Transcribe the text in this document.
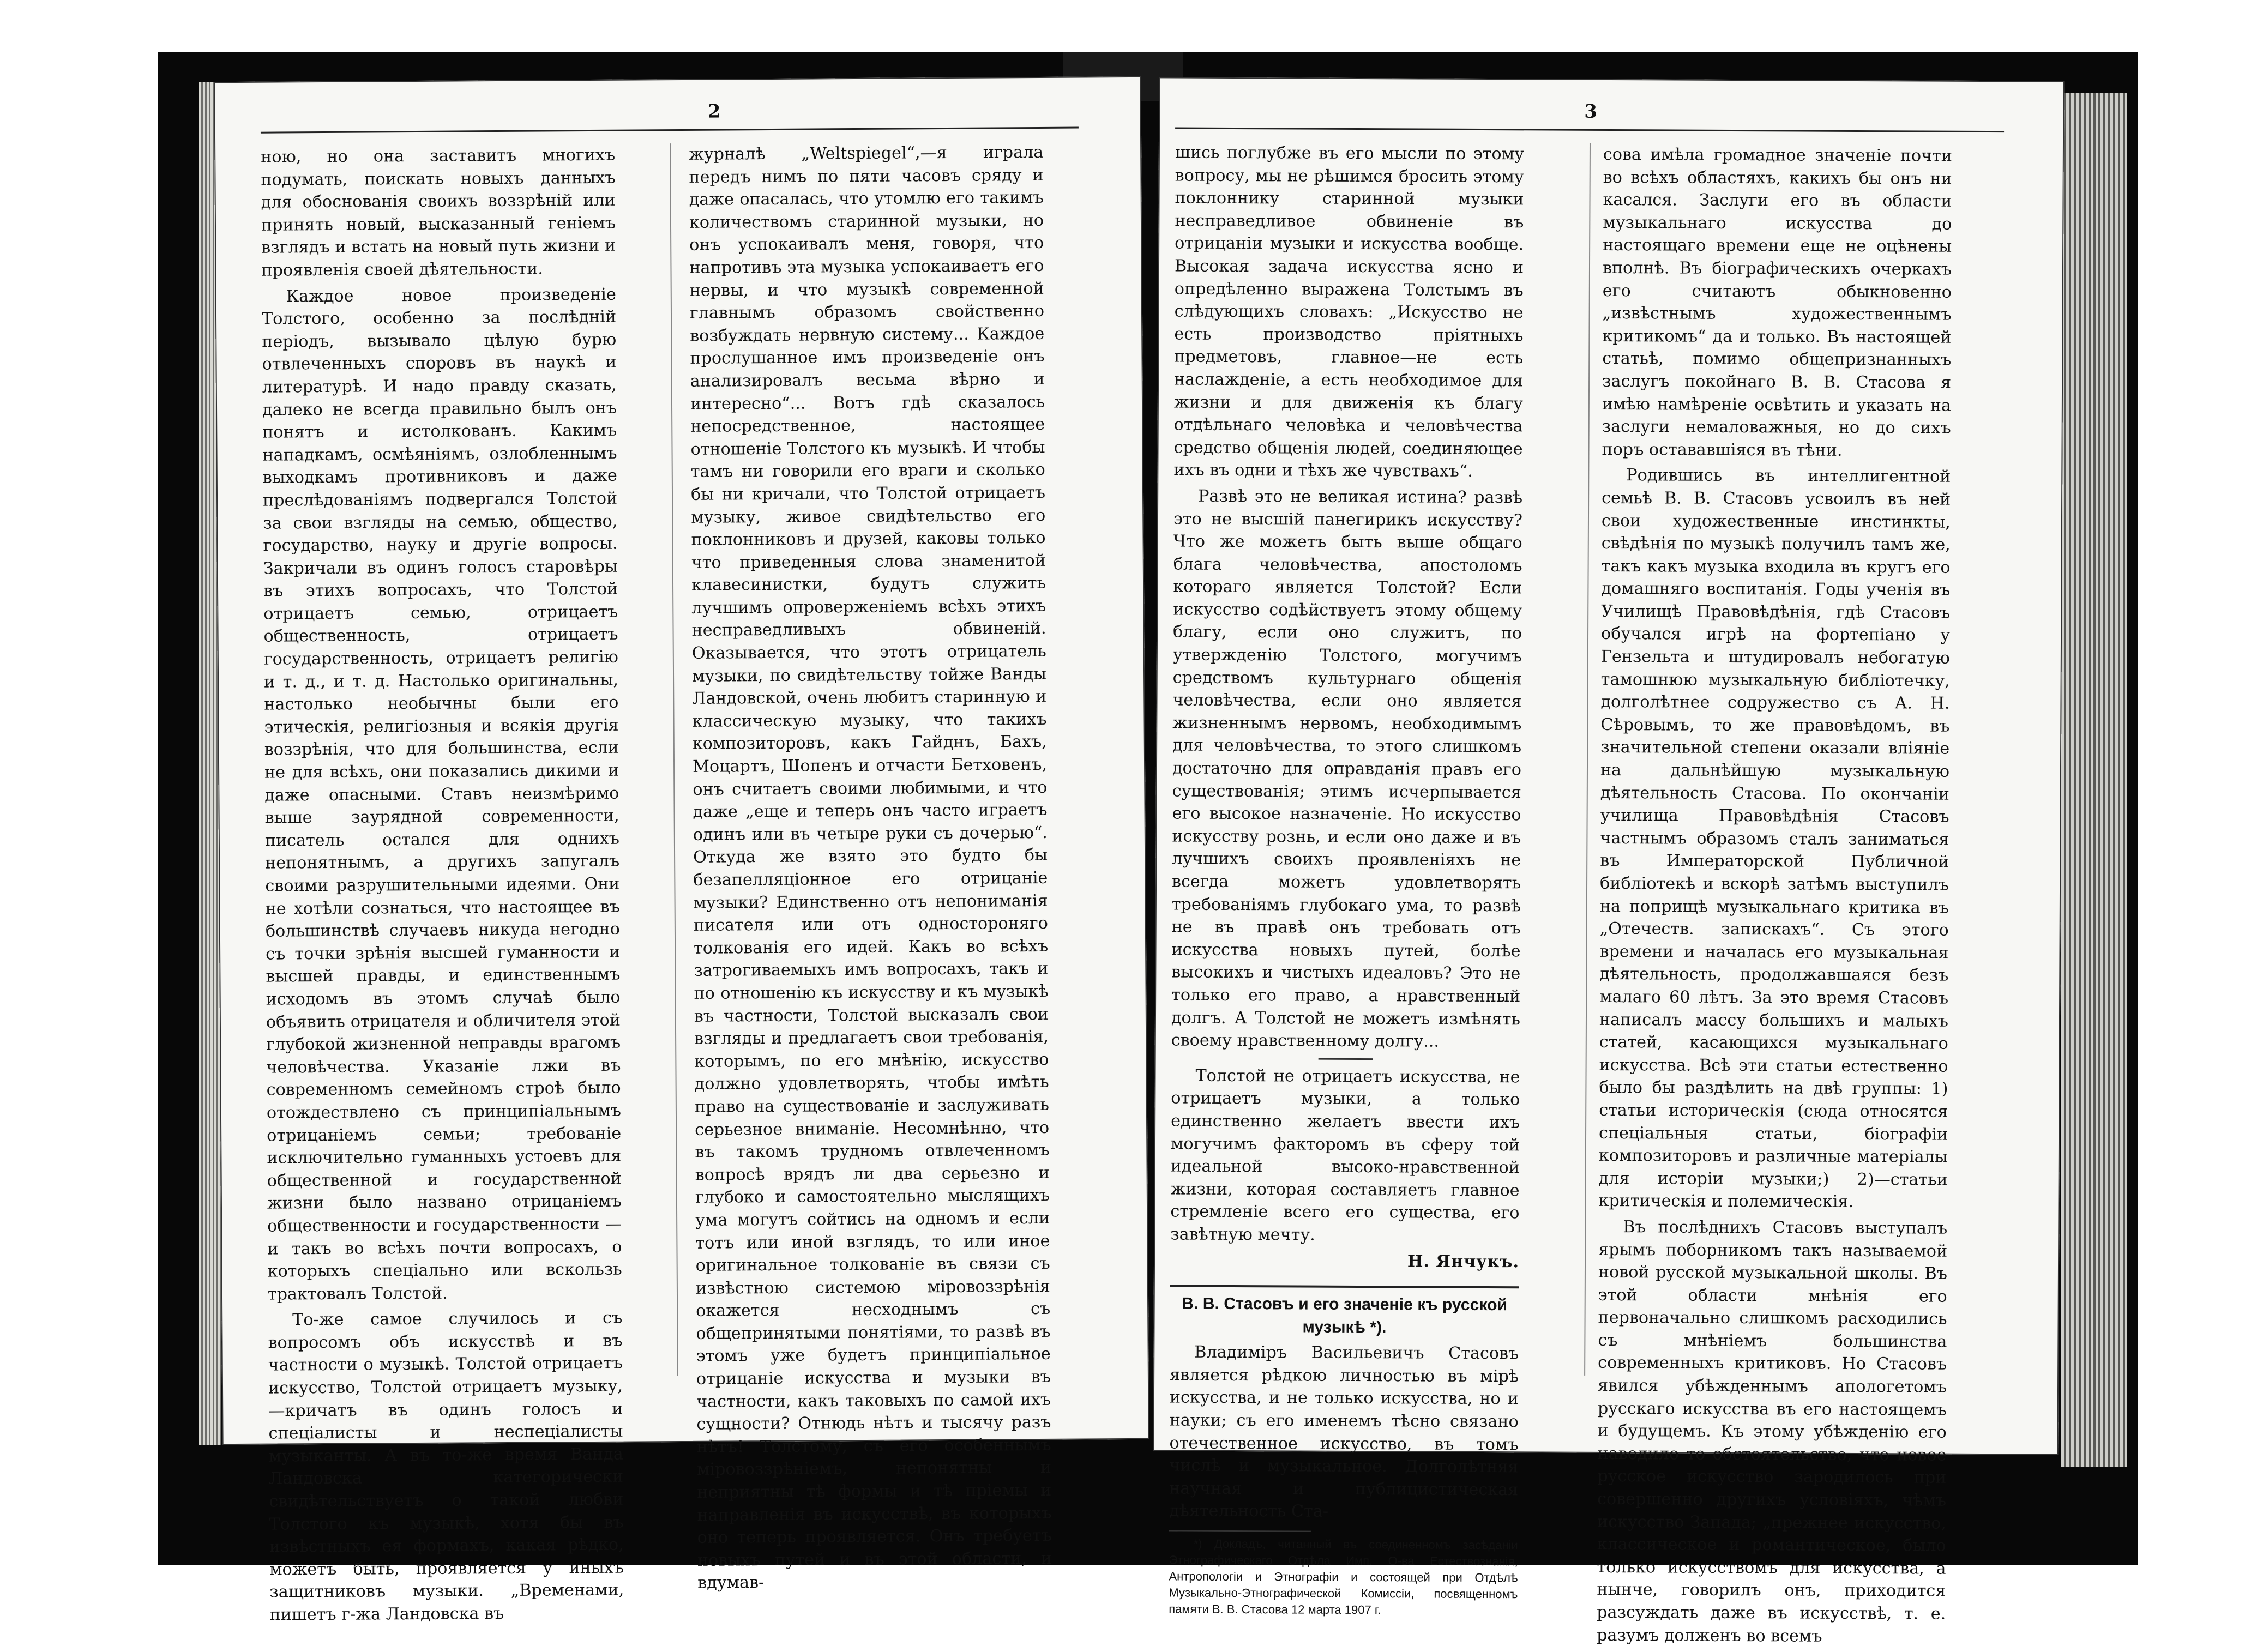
2

ною, но она заставитъ многихъ подумать, поискать новыхъ данныхъ для обоснованія своихъ воззрѣній или принять новый, высказанный геніемъ взглядъ и встать на новый путь жизни и проявленія своей дѣятельности.

Каждое новое произведеніе Толстого, особенно за послѣдній періодъ, вызывало цѣлую бурю отвлеченныхъ споровъ въ наукѣ и литературѣ. И надо правду сказать, далеко не всегда правильно былъ онъ понятъ и истолкованъ. Какимъ нападкамъ, осмѣяніямъ, озлобленнымъ выходкамъ противниковъ и даже преслѣдованіямъ подвергался Толстой за свои взгляды на семью, общество, государство, науку и другіе вопросы. Закричали въ одинъ голосъ старовѣры въ этихъ вопросахъ, что Толстой отрицаетъ семью, отрицаетъ общественность, отрицаетъ государственность, отрицаетъ религію и т. д., и т. д. Настолько оригинальны, настолько необычны были его этическія, религіозныя и всякія другія воззрѣнія, что для большинства, если не для всѣхъ, они показались дикими и даже опасными. Ставъ неизмѣримо выше заурядной современности, писатель остался для однихъ непонятнымъ, а другихъ запугалъ своими разрушительными идеями. Они не хотѣли сознаться, что настоящее въ большинствѣ случаевъ никуда негодно съ точки зрѣнія высшей гуманности и высшей правды, и единственнымъ исходомъ въ этомъ случаѣ было объявить отрицателя и обличителя этой глубокой жизненной неправды врагомъ человѣчества. Указаніе лжи въ современномъ семейномъ строѣ было отождествлено съ принципіальнымъ отрицаніемъ семьи; требованіе исключительно гуманныхъ устоевъ для общественной и государственной жизни было названо отрицаніемъ общественности и государственности —и такъ во всѣхъ почти вопросахъ, о которыхъ спеціально или вскользь трактовалъ Толстой.

То-же самое случилось и съ вопросомъ объ искусствѣ и въ частности о музыкѣ. Толстой отрицаетъ искусство, Толстой отрицаетъ музыку,—кричатъ въ одинъ голосъ и спеціалисты и неспеціалисты музыканты. А въ то-же время Ванда Ландовска категорически свидѣтельствуетъ о такой любви Толстого къ музыкѣ, хотя бы въ извѣстныхъ ея формахъ, какая рѣдко, можетъ быть, проявляется у иныхъ защитниковъ музыки. „Временами, пишетъ г-жа Ландовска въ

журналѣ „Weltspiegel“,—я играла передъ нимъ по пяти часовъ сряду и даже опасалась, что утомлю его такимъ количествомъ старинной музыки, но онъ успокаивалъ меня, говоря, что напротивъ эта музыка успокаиваетъ его нервы, и что музыкѣ современной главнымъ образомъ свойственно возбуждать нервную систему... Каждое прослушанное имъ произведеніе онъ анализировалъ весьма вѣрно и интересно“... Вотъ гдѣ сказалось непосредственное, настоящее отношеніе Толстого къ музыкѣ. И чтобы тамъ ни говорили его враги и сколько бы ни кричали, что Толстой отрицаетъ музыку, живое свидѣтельство его поклонниковъ и друзей, каковы только что приведенныя слова знаменитой клавесинистки, будутъ служить лучшимъ опроверженіемъ всѣхъ этихъ несправедливыхъ обвиненій. Оказывается, что этотъ отрицатель музыки, по свидѣтельству тойже Ванды Ландовской, очень любитъ старинную и классическую музыку, что такихъ композиторовъ, какъ Гайднъ, Бахъ, Моцартъ, Шопенъ и отчасти Бетховенъ, онъ считаетъ своими любимыми, и что даже „еще и теперь онъ часто играетъ одинъ или въ четыре руки съ дочерью“. Откуда же взято это будто бы безапелляціонное его отрицаніе музыки? Единственно отъ непониманія писателя или отъ одностороняго толкованія его идей. Какъ во всѣхъ затрогиваемыхъ имъ вопросахъ, такъ и по отношенію къ искусству и къ музыкѣ въ частности, Толстой высказалъ свои взгляды и предлагаетъ свои требованія, которымъ, по его мнѣнію, искусство должно удовлетворять, чтобы имѣть право на существованіе и заслуживать серьезное вниманіе. Несомнѣнно, что въ такомъ трудномъ отвлеченномъ вопросѣ врядъ ли два серьезно и глубоко и самостоятельно мыслящихъ ума могутъ сойтись на одномъ и если тотъ или иной взглядъ, то или иное оригинальное толкованіе въ связи съ извѣстною системою міровоззрѣнія окажется несходнымъ съ общепринятыми понятіями, то развѣ въ этомъ уже будетъ принципіальное отрицаніе искусства и музыки въ частности, какъ таковыхъ по самой ихъ сущности? Отнюдь нѣтъ и тысячу разъ нѣтъ! Толстому, съ его особеннымъ міровоззрѣніемъ, непонятны и неприятны тѣ формы и тѣ пріемы и направленія въ искусствѣ, въ которыхъ оно теперь проявляется. Онъ требуетъ новыхъ путей и въ этой области, и вдумав-

3

шись поглубже въ его мысли по этому вопросу, мы не рѣшимся бросить этому поклоннику старинной музыки несправедливое обвиненіе въ отрицаніи музыки и искусства вообще. Высокая задача искусства ясно и опредѣленно выражена Толстымъ въ слѣдующихъ словахъ: „Искусство не есть производство пріятныхъ предметовъ, главное—не есть наслажденіе, а есть необходимое для жизни и для движенія къ благу отдѣльнаго человѣка и человѣчества средство общенія людей, соединяющее ихъ въ одни и тѣхъ же чувствахъ“.

Развѣ это не великая истина? развѣ это не высшій панегирикъ искусству? Что же можетъ быть выше общаго блага человѣчества, апостоломъ котораго является Толстой? Если искусство содѣйствуетъ этому общему благу, если оно служитъ, по утвержденію Толстого, могучимъ средствомъ культурнаго общенія человѣчества, если оно является жизненнымъ нервомъ, необходимымъ для человѣчества, то этого слишкомъ достаточно для оправданія правъ его существованія; этимъ исчерпывается его высокое назначеніе. Но искусство искусству рознь, и если оно даже и въ лучшихъ своихъ проявленіяхъ не всегда можетъ удовлетворять требованіямъ глубокаго ума, то развѣ не въ правѣ онъ требовать отъ искусства новыхъ путей, болѣе высокихъ и чистыхъ идеаловъ? Это не только его право, а нравственный долгъ. А Толстой не можетъ измѣнять своему нравственному долгу...

Толстой не отрицаетъ искусства, не отрицаетъ музыки, а только единственно желаетъ ввести ихъ могучимъ факторомъ въ сферу той идеальной высоко-нравственной жизни, которая составляетъ главное стремленіе всего его существа, его завѣтную мечту.

Н. Янчукъ.

В. В. Стасовъ и его значеніе къ русской музыкѣ *).

Владиміръ Васильевичъ Стасовъ является рѣдкою личностью въ мірѣ искусства, и не только искусства, но и науки; съ его именемъ тѣсно связано отечественное искусство, въ томъ числѣ и музыкальное. Долголѣтняя научная и публицистическая дѣятельность Ста-

*) Докладъ, читанный въ соединенномъ засѣданіи Этнографическаго Отдѣла Имп. О-ва Естествознанія, Антропологіи и Этнографіи и состоящей при Отдѣлѣ Музыкально-Этнографической Комиссіи, посвященномъ памяти В. В. Стасова 12 марта 1907 г.

сова имѣла громадное значеніе почти во всѣхъ областяхъ, какихъ бы онъ ни касался. Заслуги его въ области музыкальнаго искусства до настоящаго времени еще не оцѣнены вполнѣ. Въ біографическихъ очеркахъ его считаютъ обыкновенно „извѣстнымъ художественнымъ критикомъ“ да и только. Въ настоящей статьѣ, помимо общепризнанныхъ заслугъ покойнаго В. В. Стасова я имѣю намѣреніе освѣтить и указать на заслуги немаловажныя, но до сихъ поръ остававшіяся въ тѣни.

Родившись въ интеллигентной семьѣ В. В. Стасовъ усвоилъ въ ней свои художественные инстинкты, свѣдѣнія по музыкѣ получилъ тамъ же, такъ какъ музыка входила въ кругъ его домашняго воспитанія. Годы ученія въ Училищѣ Правовѣдѣнія, гдѣ Стасовъ обучался игрѣ на фортепіано у Гензельта и штудировалъ небогатую тамошнюю музыкальную библіотечку, долголѣтнее содружество съ А. Н. Сѣровымъ, то же правовѣдомъ, въ значительной степени оказали вліяніе на дальнѣйшую музыкальную дѣятельность Стасова. По окончаніи училища Правовѣдѣнія Стасовъ частнымъ образомъ сталъ заниматься въ Императорской Публичной библіотекѣ и вскорѣ затѣмъ выступилъ на поприщѣ музыкальнаго критика въ „Отечеств. запискахъ“. Съ этого времени и началась его музыкальная дѣятельность, продолжавшаяся безъ малаго 60 лѣтъ. За это время Стасовъ написалъ массу большихъ и малыхъ статей, касающихся музыкальнаго искусства. Всѣ эти статьи естественно было бы раздѣлить на двѣ группы: 1) статьи историческія (сюда относятся спеціальныя статьи, біографіи композиторовъ и различные матеріалы для исторіи музыки;) 2)—статьи критическія и полемическія.

Въ послѣднихъ Стасовъ выступалъ ярымъ поборникомъ такъ называемой новой русской музыкальной школы. Въ этой области мнѣнія его первоначально слишкомъ расходились съ мнѣніемъ большинства современныхъ критиковъ. Но Стасовъ явился убѣжденнымъ апологетомъ русскаго искусства въ его настоящемъ и будущемъ. Къ этому убѣжденію его наводило то обстоятельство, что новое русское искусство зародилось при совершенно другихъ условіяхъ, чѣмъ искусство Запада; „прежнее искусство, классическое и романтическое, было только искусствомъ для искусства, а нынче, говорилъ онъ, приходится разсуждать даже въ искусствѣ, т. е. разумъ долженъ во всемъ
